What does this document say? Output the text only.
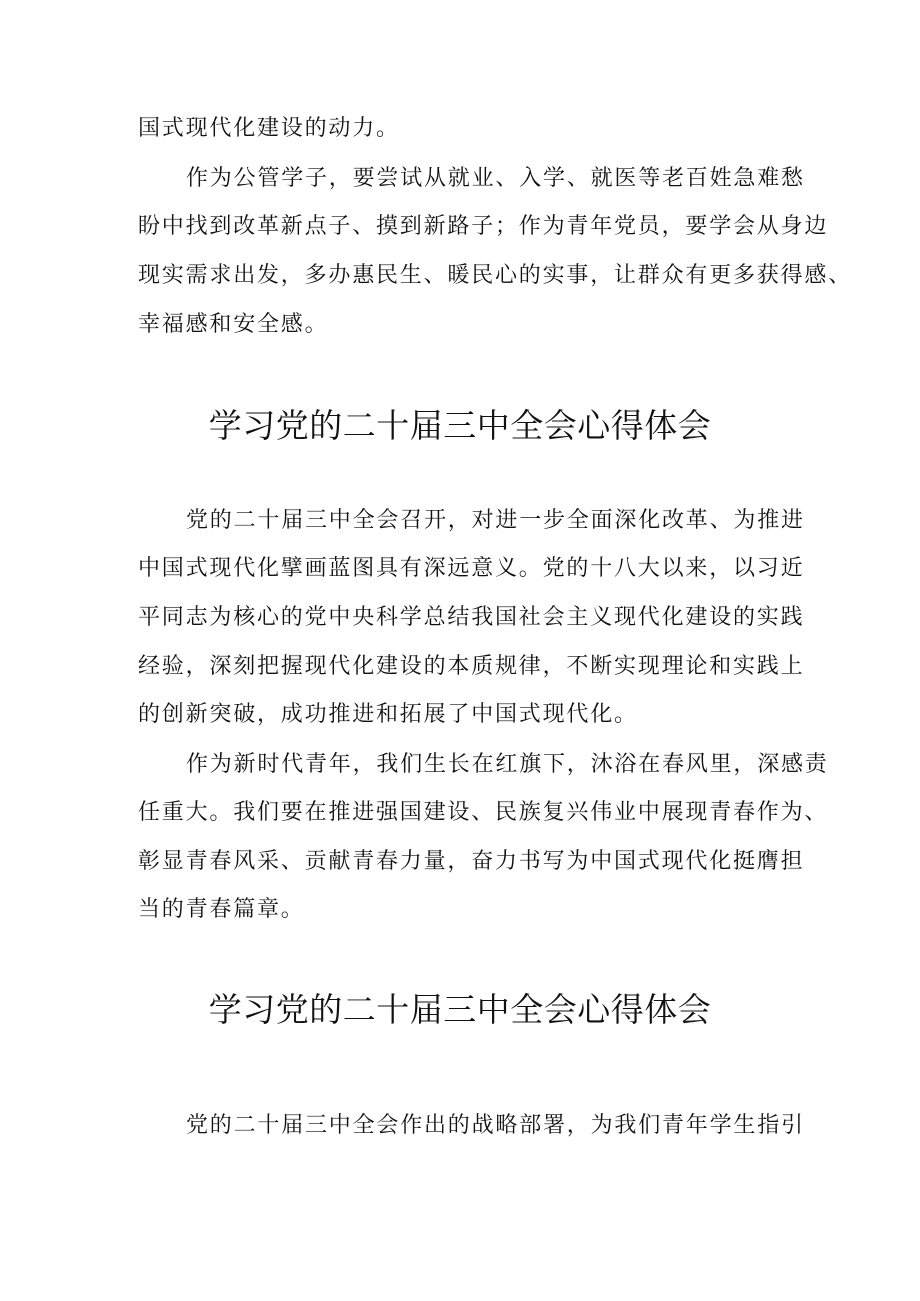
国式现代化建设的动力。
作为公管学子，要尝试从就业、入学、就医等老百姓急难愁
盼中找到改革新点子、摸到新路子；作为青年党员，要学会从身边
现实需求出发，多办惠民生、暖民心的实事，让群众有更多获得感、
幸福感和安全感。
学习党的二十届三中全会心得体会
党的二十届三中全会召开，对进一步全面深化改革、为推进
中国式现代化擘画蓝图具有深远意义。党的十八大以来，以习近
平同志为核心的党中央科学总结我国社会主义现代化建设的实践
经验，深刻把握现代化建设的本质规律，不断实现理论和实践上
的创新突破，成功推进和拓展了中国式现代化。
作为新时代青年，我们生长在红旗下，沐浴在春风里，深感责
任重大。我们要在推进强国建设、民族复兴伟业中展现青春作为、
彰显青春风采、贡献青春力量，奋力书写为中国式现代化挺膺担
当的青春篇章。
学习党的二十届三中全会心得体会
党的二十届三中全会作出的战略部署，为我们青年学生指引
